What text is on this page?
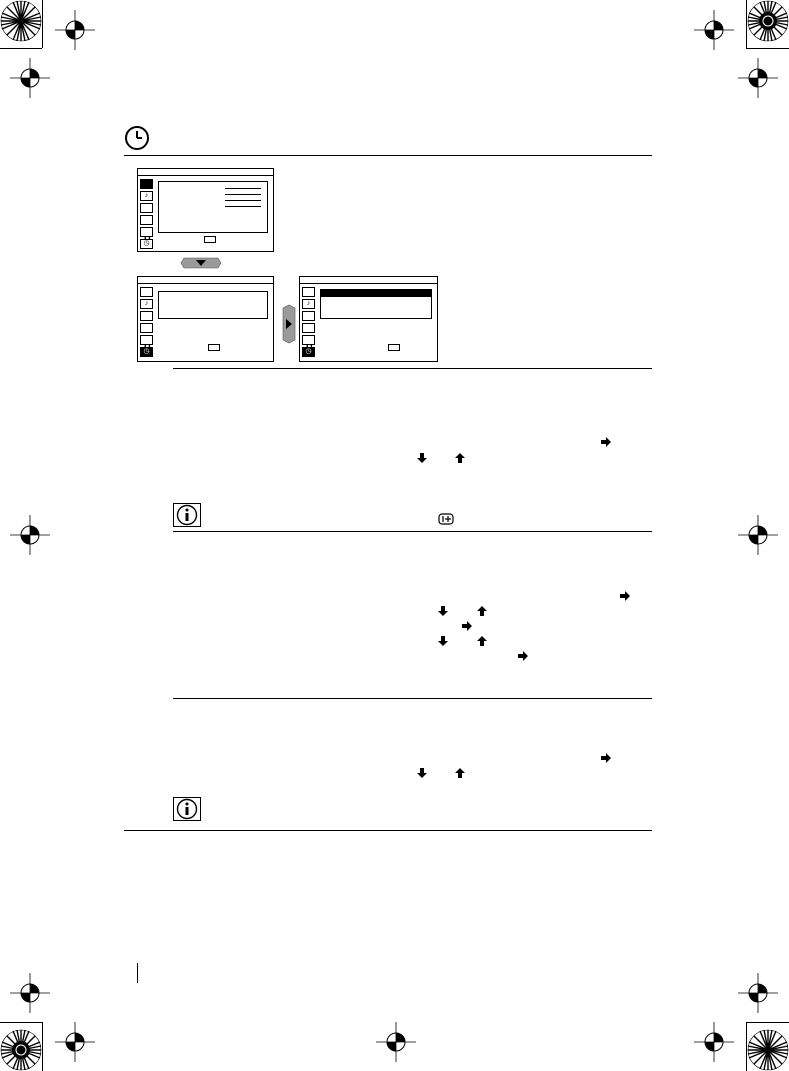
♪
◷
◖◗
♪
◷
◖◗
♪
◷
◖◗
